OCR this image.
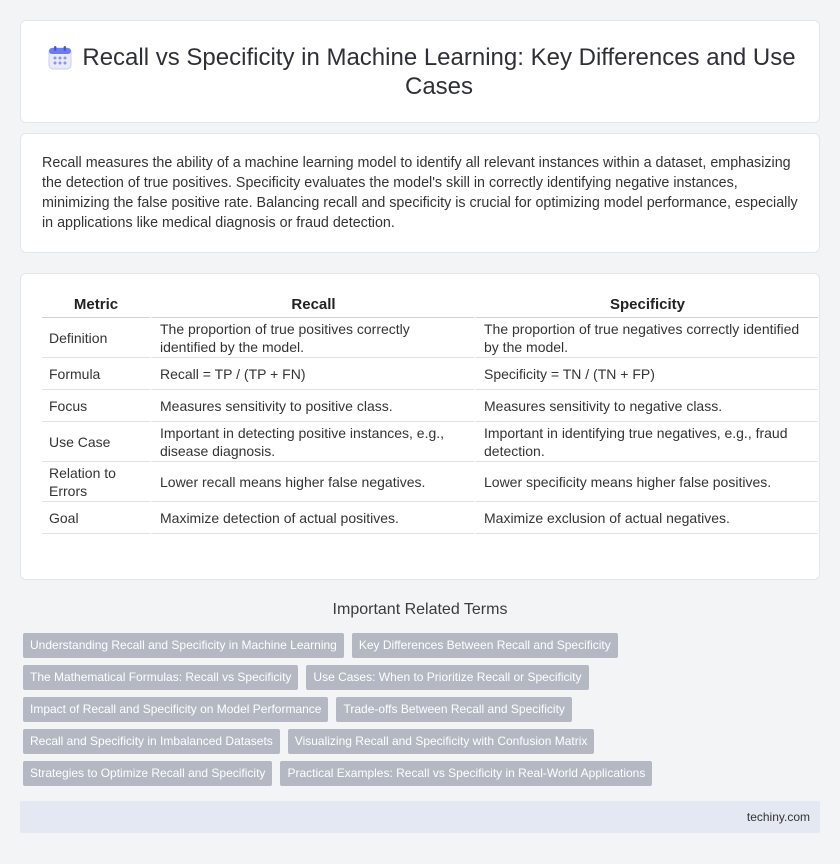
Recall vs Specificity in Machine Learning: Key Differences and Use Cases

Recall measures the ability of a machine learning model to identify all relevant instances within a dataset, emphasizing the detection of true positives. Specificity evaluates the model's skill in correctly identifying negative instances, minimizing the false positive rate. Balancing recall and specificity is crucial for optimizing model performance, especially in applications like medical diagnosis or fraud detection.

Metric	Recall	Specificity
Definition	The proportion of true positives correctly identified by the model.	The proportion of true negatives correctly identified by the model.
Formula	Recall = TP / (TP + FN)	Specificity = TN / (TN + FP)
Focus	Measures sensitivity to positive class.	Measures sensitivity to negative class.
Use Case	Important in detecting positive instances, e.g., disease diagnosis.	Important in identifying true negatives, e.g., fraud detection.
Relation to Errors	Lower recall means higher false negatives.	Lower specificity means higher false positives.
Goal	Maximize detection of actual positives.	Maximize exclusion of actual negatives.
Important Related Terms
Understanding Recall and Specificity in Machine Learning	Key Differences Between Recall and Specificity
The Mathematical Formulas: Recall vs Specificity	Use Cases: When to Prioritize Recall or Specificity
Impact of Recall and Specificity on Model Performance	Trade-offs Between Recall and Specificity
Recall and Specificity in Imbalanced Datasets	Visualizing Recall and Specificity with Confusion Matrix
Strategies to Optimize Recall and Specificity	Practical Examples: Recall vs Specificity in Real-World Applications
techiny.com
